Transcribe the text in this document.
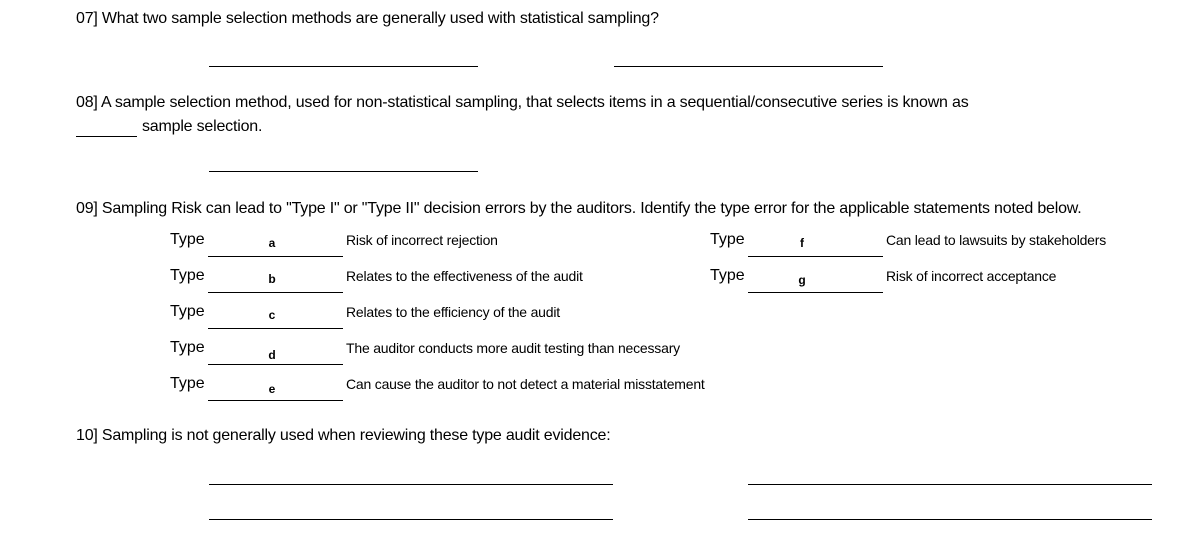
07] What two sample selection methods are generally used with statistical sampling?
08] A sample selection method, used for non-statistical sampling, that selects items in a sequential/consecutive series is known as
sample selection.
09] Sampling Risk can lead to "Type I" or "Type II" decision errors by the auditors. Identify the type error for the applicable statements noted below.
Type	a	Risk of incorrect rejection
Type	b	Relates to the effectiveness of the audit
Type	c	Relates to the efficiency of the audit
Type	d	The auditor conducts more audit testing than necessary
Type	e	Can cause the auditor to not detect a material misstatement
Type	f	Can lead to lawsuits by stakeholders
Type	g	Risk of incorrect acceptance
10] Sampling is not generally used when reviewing these type audit evidence:
